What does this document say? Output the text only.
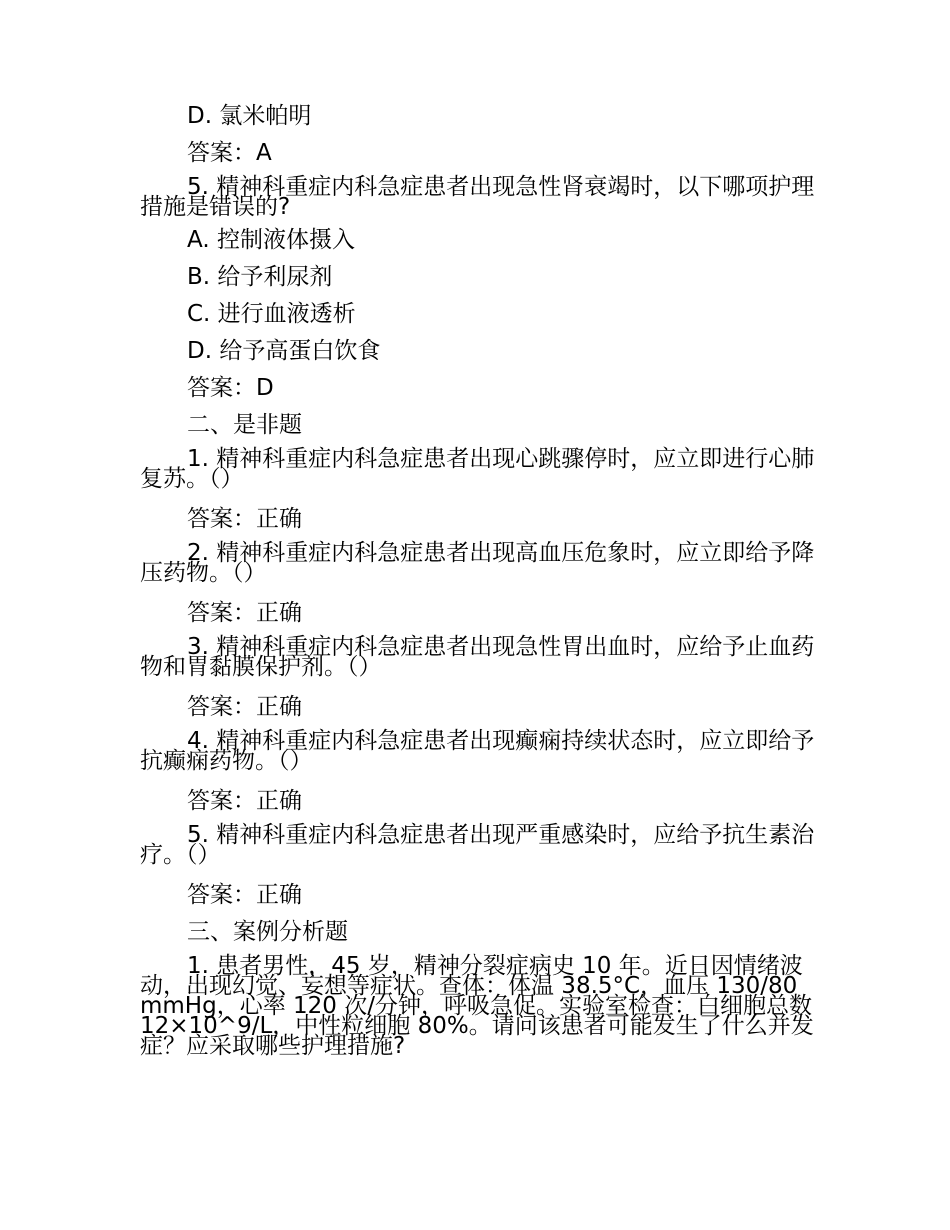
D. 氯米帕明

答案：A

5. 精神科重症内科急症患者出现急性肾衰竭时，以下哪项护理措施是错误的?

A. 控制液体摄入

B. 给予利尿剂

C. 进行血液透析

D. 给予高蛋白饮食

答案：D

二、是非题

1. 精神科重症内科急症患者出现心跳骤停时，应立即进行心肺复苏。（）

答案：正确

2. 精神科重症内科急症患者出现高血压危象时，应立即给予降压药物。（）

答案：正确

3. 精神科重症内科急症患者出现急性胃出血时，应给予止血药物和胃黏膜保护剂。（）

答案：正确

4. 精神科重症内科急症患者出现癫痫持续状态时，应立即给予抗癫痫药物。（）

答案：正确

5. 精神科重症内科急症患者出现严重感染时，应给予抗生素治疗。（）

答案：正确

三、案例分析题

1. 患者男性，45 岁，精神分裂症病史 10 年。近日因情绪波动，出现幻觉、妄想等症状。查体：体温 38.5°C，血压 130/80mmHg，心率 120 次/分钟，呼吸急促。实验室检查：白细胞总数 12×10^9/L，中性粒细胞 80%。请问该患者可能发生了什么并发症？应采取哪些护理措施?
